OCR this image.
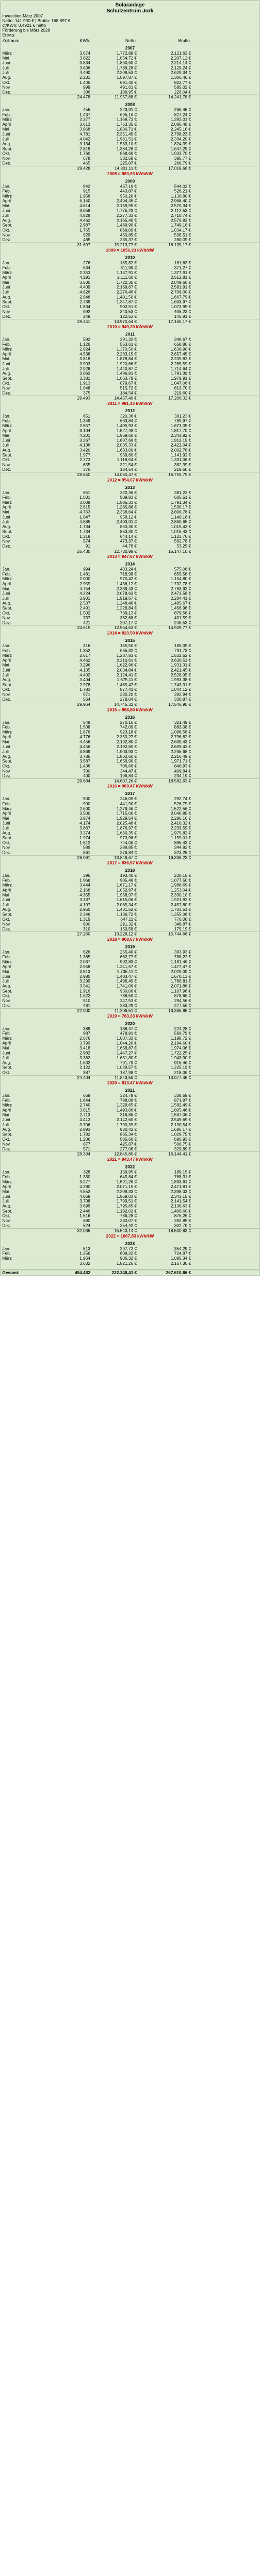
Solaranlage
Schulzentrum Jork
Investition März 2007
Netto: 141.930 € | Brutto: 168.897 €
ct/KWh: 0,4921 € netto
Förderung bis März 2028
Ertrag:
Zeitraum	KWh:	Netto:	Brutto:
2007
März	3.674	1.772,88 €	2.121,63 €
Mai	3.822	1.854,72 €	2.207,12 €
Juni	3.834	1.860,60 €	2.214,14 €
Juli	3.636	1.789,28 €	2.129,24 €
Juli	4.490	2.209,53 €	2.629,34 €
Aug.	2.231	1.097,87 €	1.306,46 €
Okt.	1.406	691,40 €	822,77 €
Nov.	999	491,61 €	585,02 €
Dez.	386	189,95 €	226,04 €
24.478	11.957,88 €	14.241,78 €
2008
Jan.	455	223,91 €	266,45 €
Feb.	1.437	695,16 €	827,24 €
März	2.377	1.169,73 €	1.392,01 €
April	3.613	1.753,35 €	2.086,48 €
Mai	3.868	1.886,71 €	2.245,18 €
Juni	4.781	2.351,45 €	2.798,23 €
Juli	4.042	1.961,51 €	2.334,20 €
Aug.	3.134	1.533,10 €	1.824,39 €
Sept.	2.819	1.384,28 €	1.647,29 €
Okt.	1.760	868,66 €	1.033,70 €
Nov.	678	332,58 €	395,77 €
Dez.	465	225,87 €	268,79 €
29.428	14.301,11 €	17.018,66 €
2008 = 980,93 kWh/kW
2009
Jan.	942	457,16 €	544,02 €
Feb.	915	443,87 €	528,21 €
März	1.958	950,20 €	1.130,80 €
April	5.140	2.494,45 €	2.968,40 €
Mai	4.614	2.159,95 €	2.570,34 €
Juni	3.658	1.775,23 €	2.112,53 €
Juli	4.829	2.277,33 €	2.710,74 €
Aug.	4.462	2.165,40 €	2.576,83 €
Sept.	2.987	1.469,90 €	1.749,18 €
Okt.	1.765	869,09 €	1.034,17 €
Nov.	929	450,85 €	536,51 €
Dez.	485	235,37 €	280,09 €
31.697	15.213,77 €	18.135,17 €
2009 = 1056,23 kWh/kW
2010
Jan.	276	135,82 €	161,63 €
Feb.	634	311,99 €	371,27 €
März	2.353	1.157,91 €	1.377,91 €
April	4.291	2.111,60 €	2.512,81 €
Mai	3.500	1.722,35 €	2.049,60 €
Juni	4.409	2.169,67 €	2.581,91 €
Juli	4.626	2.276,46 €	2.709,00 €
Aug.	2.848	1.401,50 €	1.667,79 €
Sept.	2.739	1.347,87 €	1.603,97 €
Okt.	1.834	902,51 €	1.073,99 €
Nov.	692	340,53 €	405,23 €
Dez.	249	122,53 €	145,81 €
28.441	13.970,64 €	17.165,17 €
2010 = 949,20 kWh/kW
2011
Jan.	592	291,32 €	346,67 €
Feb.	1.126	553,61 €	658,80 €
März	2.824	1.370,50 €	1.630,90 €
April	4.538	2.233,15 €	2.657,45 €
Mai	3.818	1.878,84 €	2.235,82 €
Juni	3.903	1.920,66 €	2.285,59 €
Juli	2.928	1.440,87 €	1.714,64 €
Aug.	3.062	1.496,81 €	1.781,39 €
Sept.	3.381	1.663,79 €	1.979,91 €
Okt.	1.913	879,67 €	1.047,06 €
Nov.	1.048	515,72 €	613,70 €
Dez.	375	184,54 €	219,60 €
29.493	14.457,40 €	17.200,32 €
2011 = 981,43 kWh/kW
2012
Jan.	651	320,36 €	381,23 €
Feb.	1.349	663,84 €	789,97 €
März	2.857	1.405,93 €	1.673,05 €
April	3.104	1.527,48 €	1.817,70 €
Mai	4.201	1.969,60 €	2.343,82 €
Juni	3.267	1.607,69 €	1.913,15 €
Juli	4.136	2.035,33 €	2.422,04 €
Aug.	3.420	1.683,00 €	2.002,78 €
Sept.	1.977	959,60 €	1.141,92 €
Okt.	2.273	1.118,54 €	1.331,06 €
Nov.	655	321,54 €	382,39 €
Dez.	375	184,54 €	219,60 €
28.640	14.060,47 €	16.755,75 €
2012 = 954,67 kWh/kW
2013
Jan.	651	320,36 €	381,23 €
Feb.	1.031	509,83 €	605,51 €
März	3.009	1.505,33 €	1.791,34 €
April	2.615	1.285,86 €	1.530,17 €
Mai	4.763	2.358,64 €	2.806,78 €
Juni	1.047	958,12 €	1.140,16 €
Juli	4.885	2.403,91 €	2.860,65 €
Aug.	1.734	853,30 €	1.015,43 €
Sept.	1.734	853,30 €	1.015,43 €
Okt.	1.319	644,14 €	1.123,76 €
Nov.	574	473,37 €	562,78 €
Dez.	91	44,78 €	53,29 €
25.430	12.730,99 €	15.147,10 €
2013 = 847,67 kWh/kW
2014
Jan.	994	483,24 €	575,06 €
Feb.	1.481	718,98 €	855,56 €
März	2.000	970,42 €	1.154,80 €
April	2.959	1.456,12 €	1.732,78 €
Mai	4.754	2.339,43 €	2.783,92 €
Juni	4.224	2.078,63 €	2.473,56 €
Juli	3.901	1.919,67 €	2.284,41 €
Aug.	2.537	1.248,46 €	1.485,67 €
Sept.	2.491	1.226,84 €	1.456,96 €
Okt.	1.502	739,13 €	879,56 €
Nov.	737	362,68 €	431,59 €
Dez.	421	207,17 €	246,53 €
24.615	12.554,63 €	14.939,77 €
2014 = 820,50 kWh/kW
2015
Jan.	316	155,50 €	185,05 €
Feb.	1.352	665,32 €	791,73 €
März	2.617	1.287,83 €	1.532,52 €
April	4.462	2.210,61 €	2.630,51 €
Mai	3.296	1.622,96 €	1.931,31 €
Juni	4.135	2.034,84 €	2.421,45 €
Juli	4.402	2.124,41 €	2.528,05 €
Aug.	3.404	1.675,11 €	1.993,38 €
Sept.	2.978	1.465,47 €	1.743,91 €
Okt.	1.783	877,41 €	1.044,12 €
Nov.	671	330,20 €	392,94 €
Dez.	564	278,04 €	330,87 €
29.964	14.745,31 €	17.546,90 €
2015 = 998,80 kWh/kW
2016
Jan.	549	270,16 €	321,49 €
Feb.	1.508	742,09 €	883,08 €
März	1.876	923,18 €	1.098,58 €
April	4.776	2.350,27 €	2.796,82 €
Mai	4.456	2.192,80 €	2.609,43 €
Juni	4.456	2.192,80 €	2.609,43 €
Juli	3.869	1.903,93 €	2.265,68 €
Aug.	3.785	1.862,60 €	2.216,49 €
Sept.	3.587	1.656,90 €	1.971,71 €
Okt.	1.436	706,66 €	840,93 €
Nov.	700	344,47 €	409,84 €
Dez.	400	196,84 €	234,19 €
29.684	14.607,26 €	18.582,63 €
2016 = 989,47 kWh/kW
2017
Jan.	500	246,05 €	292,74 €
Feb.	900	441,90 €	526,79 €
März	2.600	1.279,46 €	1.522,56 €
April	3.500	1.715,00 €	2.040,85 €
Mai	3.974	1.929,54 €	2.296,16 €
Juni	4.174	2.025,48 €	2.410,32 €
Juli	3.867	1.876,97 €	2.233,59 €
Aug.	3.374	1.660,35 €	1.975,82 €
Sept.	1.974	973,96 €	1.159,01 €
Okt.	1.512	744,06 €	885,43 €
Nov.	589	289,85 €	344,92 €
Dez.	561	276,84 €	323,25 €
28.091	13.849,67 €	16.398,23 €
2017 = 936,57 kWh/kW
2018
Jan.	396	193,40 €	230,15 €
Feb.	1.966	905,46 €	1.077,50 €
März	3.444	1.671,17 €	1.988,69 €
April	2.168	1.052,97 €	1.253,04 €
Mai	4.355	1.958,97 €	2.330,10 €
Juni	3.337	1.615,06 €	1.921,92 €
Juli	4.197	2.065,34 €	2.457,80 €
Aug.	2.950	1.431,52 €	1.703,51 €
Sept.	2.346	1.136,72 €	1.355,06 €
Okt.	1.315	647,11 €	770,06 €
Nov.	600	291,32 €	348,87 €
Dez.	310	150,58 €	179,19 €
27.260	13.228,12 €	15.744,66 €
2018 = 908,67 kWh/kW
2019
Jan.	626	255,40 €	303,93 €
Feb.	1.365	662,77 €	788,22 €
März	2.037	992,83 €	1.181,46 €
April	2.558	1.241,57 €	1.477,47 €
Mai	3.813	1.705,11 €	2.029,09 €
Juni	2.980	1.403,47 €	1.670,13 €
Juli	3.299	1.496,49 €	1.780,81 €
Aug.	3.541	1.741,06 €	2.071,86 €
Sept.	1.916	930,06 €	1.107,96 €
Okt.	1.622	738,59 €	878,66 €
Nov.	510	247,53 €	294,56 €
Dez.	481	233,29 €	277,56 €
22.900	11.206,51 €	13.365,85 €
2019 = 763,33 kWh/kW
2020
Jan.	389	188,47 €	224,28 €
Feb.	987	478,81 €	569,79 €
März	2.076	1.007,33 €	1.198,72 €
April	3.799	1.844,20 €	2.194,60 €
Mai	3.418	1.658,87 €	1.974,06 €
Juni	2.982	1.447,27 €	1.722,25 €
Juli	3.362	1.631,80 €	1.943,90 €
Aug.	1.632	791,79 €	916,46 €
Sept.	2.122	1.029,57 €	1.225,19 €
Okt.	387	187,98 €	218,06 €
24.404	11.843,56 €	13.977,45 €
2020 = 813,47 kWh/kW
2021
Jan.	669	324,79 €	338,59 €
Feb.	1.644	798,08 €	871,87 €
März	2.740	1.329,65 €	1.582,49 €
April	3.815	1.493,86 €	1.805,46 €
Mai	2.713	316,86 €	1.567,06 €
Juni	4.413	2.142,60 €	2.549,69 €
Juli	3.706	1.790,39 €	2.130,54 €
Aug.	2.893	930,42 €	1.686,17 €
Sept.	1.782	865,34 €	1.029,75 €
Okt.	1.206	585,66 €	696,93 €
Nov.	877	425,87 €	506,75 €
Dez.	571	277,06 €	329,89 €
28.304	12.845,80 €	16.144,41 €
2021 = 943,47 kWh/kW
2022
Jan.	328	159,95 €	189,15 €
Feb.	1.330	645,84 €	768,31 €
März	3.277	1.591,26 €	1.893,61 €
April	4.280	2.071,15 €	2.471,81 €
Mai	4.552	2.209,33 €	2.398,03 €
Juni	4.058	1.969,03 €	2.343,15 €
Juli	3.708	1.799,51 €	2.141,54 €
Aug.	3.699	1.795,65 €	2.136,63 €
Sept.	2.446	1.182,02 €	1.406,60 €
Okt.	1.516	736,28 €	876,26 €
Nov.	680	330,07 €	392,85 €
Dez.	524	254,42 €	302,76 €
32.035	15.543,14 €	18.500,83 €
2022 = 1067,83 kWh/kW
2023
Jan.	513	297,72 €	354,29 €
Feb.	1.256	609,22 €	724,97 €
März	1.964	906,32 €	1.085,34 €
3.632	1.821,26 €	2.167,30 €
Gesamt:	454.482	222.348,41 €	267.610,86 €
